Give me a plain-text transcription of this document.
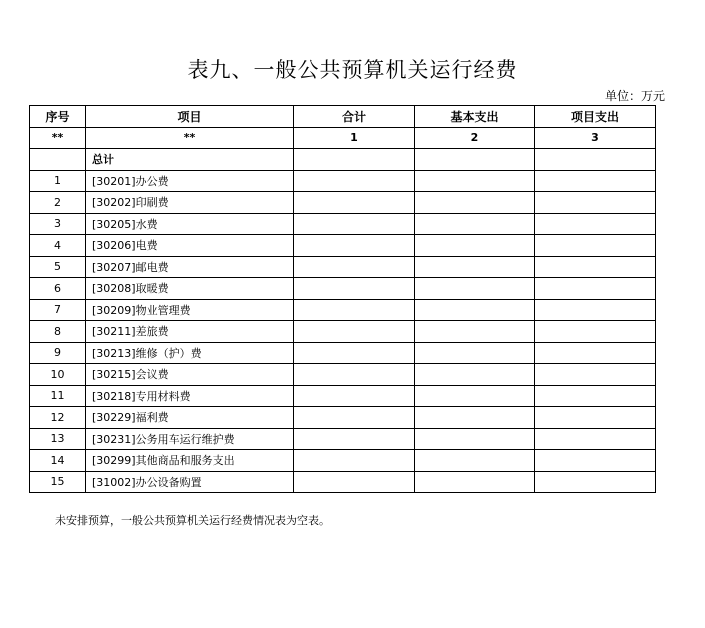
表九、一般公共预算机关运行经费
单位：万元
序号	项目	合计	基本支出	项目支出
**	**	1	2	3
	总计			
1	[30201]办公费			
2	[30202]印刷费			
3	[30205]水费			
4	[30206]电费			
5	[30207]邮电费			
6	[30208]取暖费			
7	[30209]物业管理费			
8	[30211]差旅费			
9	[30213]维修（护）费			
10	[30215]会议费			
11	[30218]专用材料费			
12	[30229]福利费			
13	[30231]公务用车运行维护费			
14	[30299]其他商品和服务支出			
15	[31002]办公设备购置			
未安排预算，一般公共预算机关运行经费情况表为空表。
